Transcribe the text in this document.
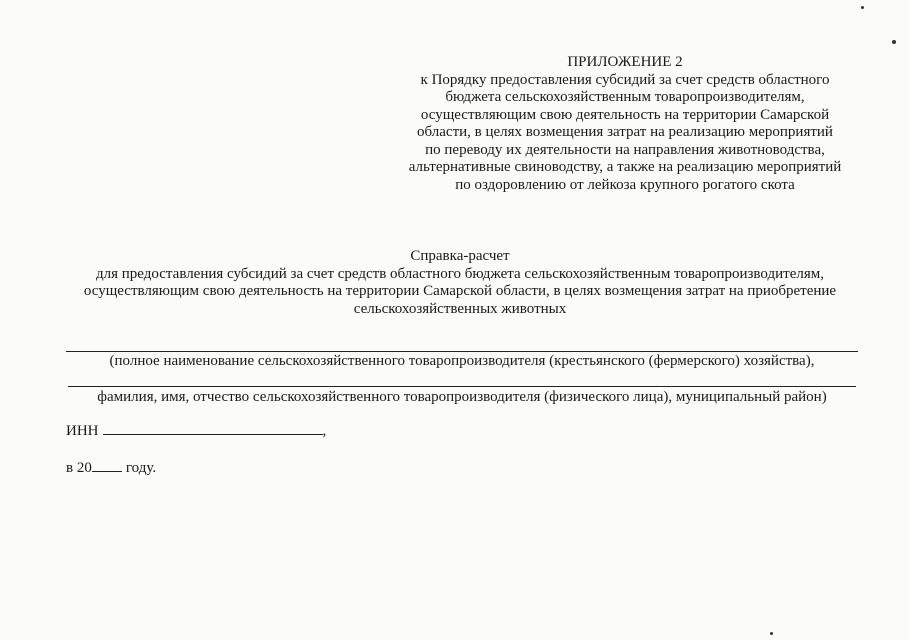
ПРИЛОЖЕНИЕ 2
к Порядку предоставления субсидий за счет средств областного
бюджета сельскохозяйственным товаропроизводителям,
осуществляющим свою деятельность на территории Самарской
области, в целях возмещения затрат на реализацию мероприятий
по переводу их деятельности на направления животноводства,
альтернативные свиноводству, а также на реализацию мероприятий
по оздоровлению от лейкоза крупного рогатого скота
Справка-расчет
для предоставления субсидий за счет средств областного бюджета сельскохозяйственным товаропроизводителям,
осуществляющим свою деятельность на территории Самарской области, в целях возмещения затрат на приобретение
сельскохозяйственных животных
(полное наименование сельскохозяйственного товаропроизводителя (крестьянского (фермерского) хозяйства),
фамилия, имя, отчество сельскохозяйственного товаропроизводителя (физического лица), муниципальный район)
ИНН	,
в 20 году.
